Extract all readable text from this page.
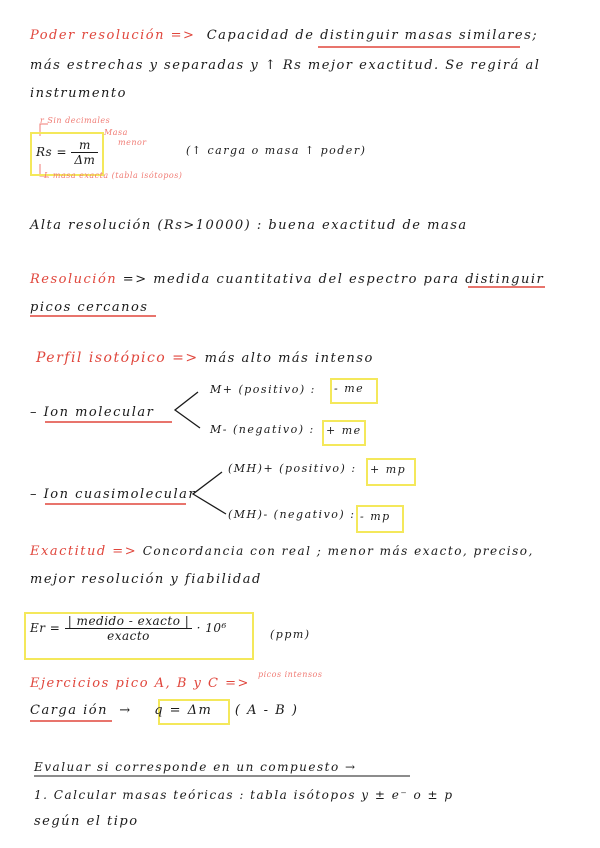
Poder resolución => Capacidad de distinguir masas similares;
más estrechas y separadas y ↑ Rs mejor exactitud. Se regirá al
instrumento
r Sin decimales
Masa
menor
$Rs = \frac{m}{\Delta m}$	(↑ carga o masa ↑ poder)
L masa exacta (tabla isótopos)
Alta resolución (Rs>10000) : buena exactitud de masa
Resolución => medida cuantitativa del espectro para distinguir
picos cercanos
Perfil isotópico => más alto más intenso
– Ion molecular
M+ (positivo) : - me
M- (negativo) : + me
– Ion cuasimolecular
(MH)+ (positivo) : + mp
(MH)- (negativo) : - mp
Exactitud => Concordancia con real ; menor más exacto, preciso,
mejor resolución y fiabilidad
$Er = \frac{\text{| medido - exacto |}}{\text{exacto}} \cdot 10^6$	(ppm)
Ejercicios pico A, B y C =>
picos intensos
Carga ión → q = Δm ( A - B )
Evaluar si corresponde en un compuesto →
1. Calcular masas teóricas : tabla isótopos y ± e⁻ o ± p
según el tipo
